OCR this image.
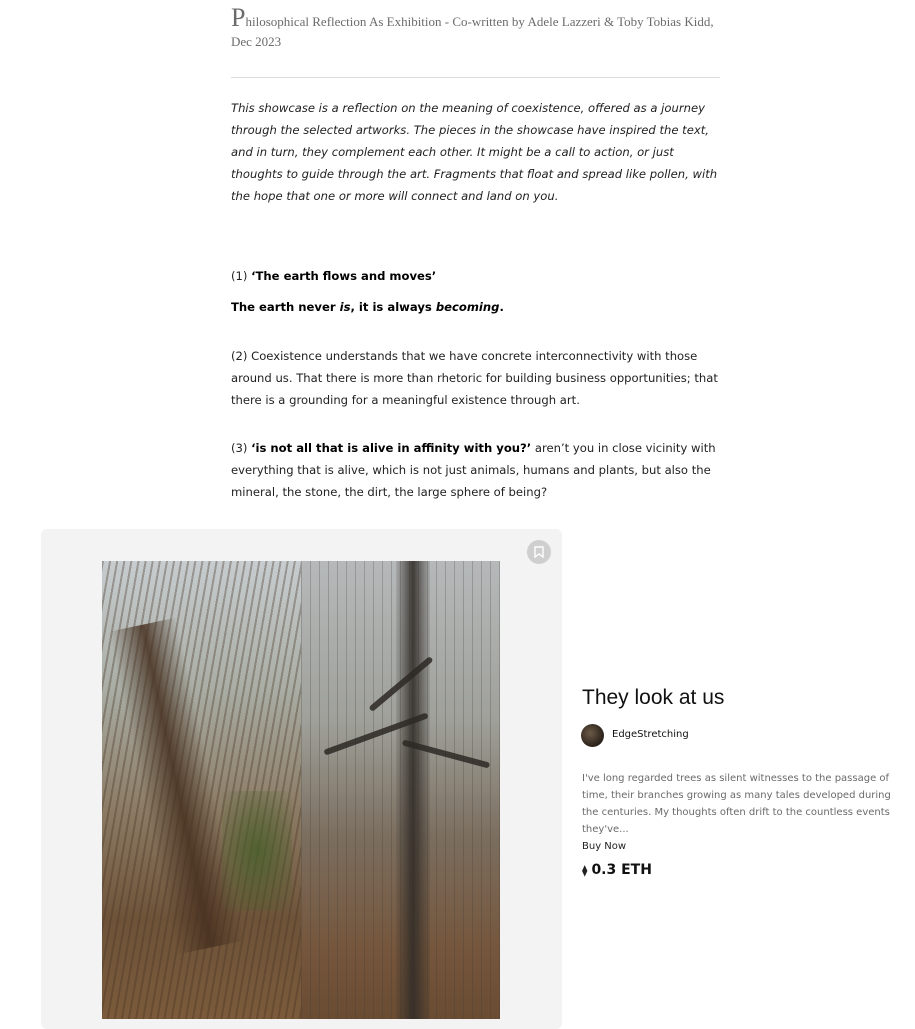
Philosophical Reflection As Exhibition - Co-written by Adele Lazzeri & Toby Tobias Kidd, Dec 2023
This showcase is a reflection on the meaning of coexistence, offered as a journey through the selected artworks. The pieces in the showcase have inspired the text, and in turn, they complement each other. It might be a call to action, or just thoughts to guide through the art. Fragments that float and spread like pollen, with the hope that one or more will connect and land on you.
(1) ‘The earth flows and moves’
The earth never is, it is always becoming.
(2) Coexistence understands that we have concrete interconnectivity with those around us. That there is more than rhetoric for building business opportunities; that there is a grounding for a meaningful existence through art.
(3) ‘is not all that is alive in affinity with you?’ aren’t you in close vicinity with everything that is alive, which is not just animals, humans and plants, but also the mineral, the stone, the dirt, the large sphere of being?
They look at us
EdgeStretching
I've long regarded trees as silent witnesses to the passage of time, their branches growing as many tales developed during the centuries. My thoughts often drift to the countless events they've...
Buy Now
⧫ 0.3 ETH
